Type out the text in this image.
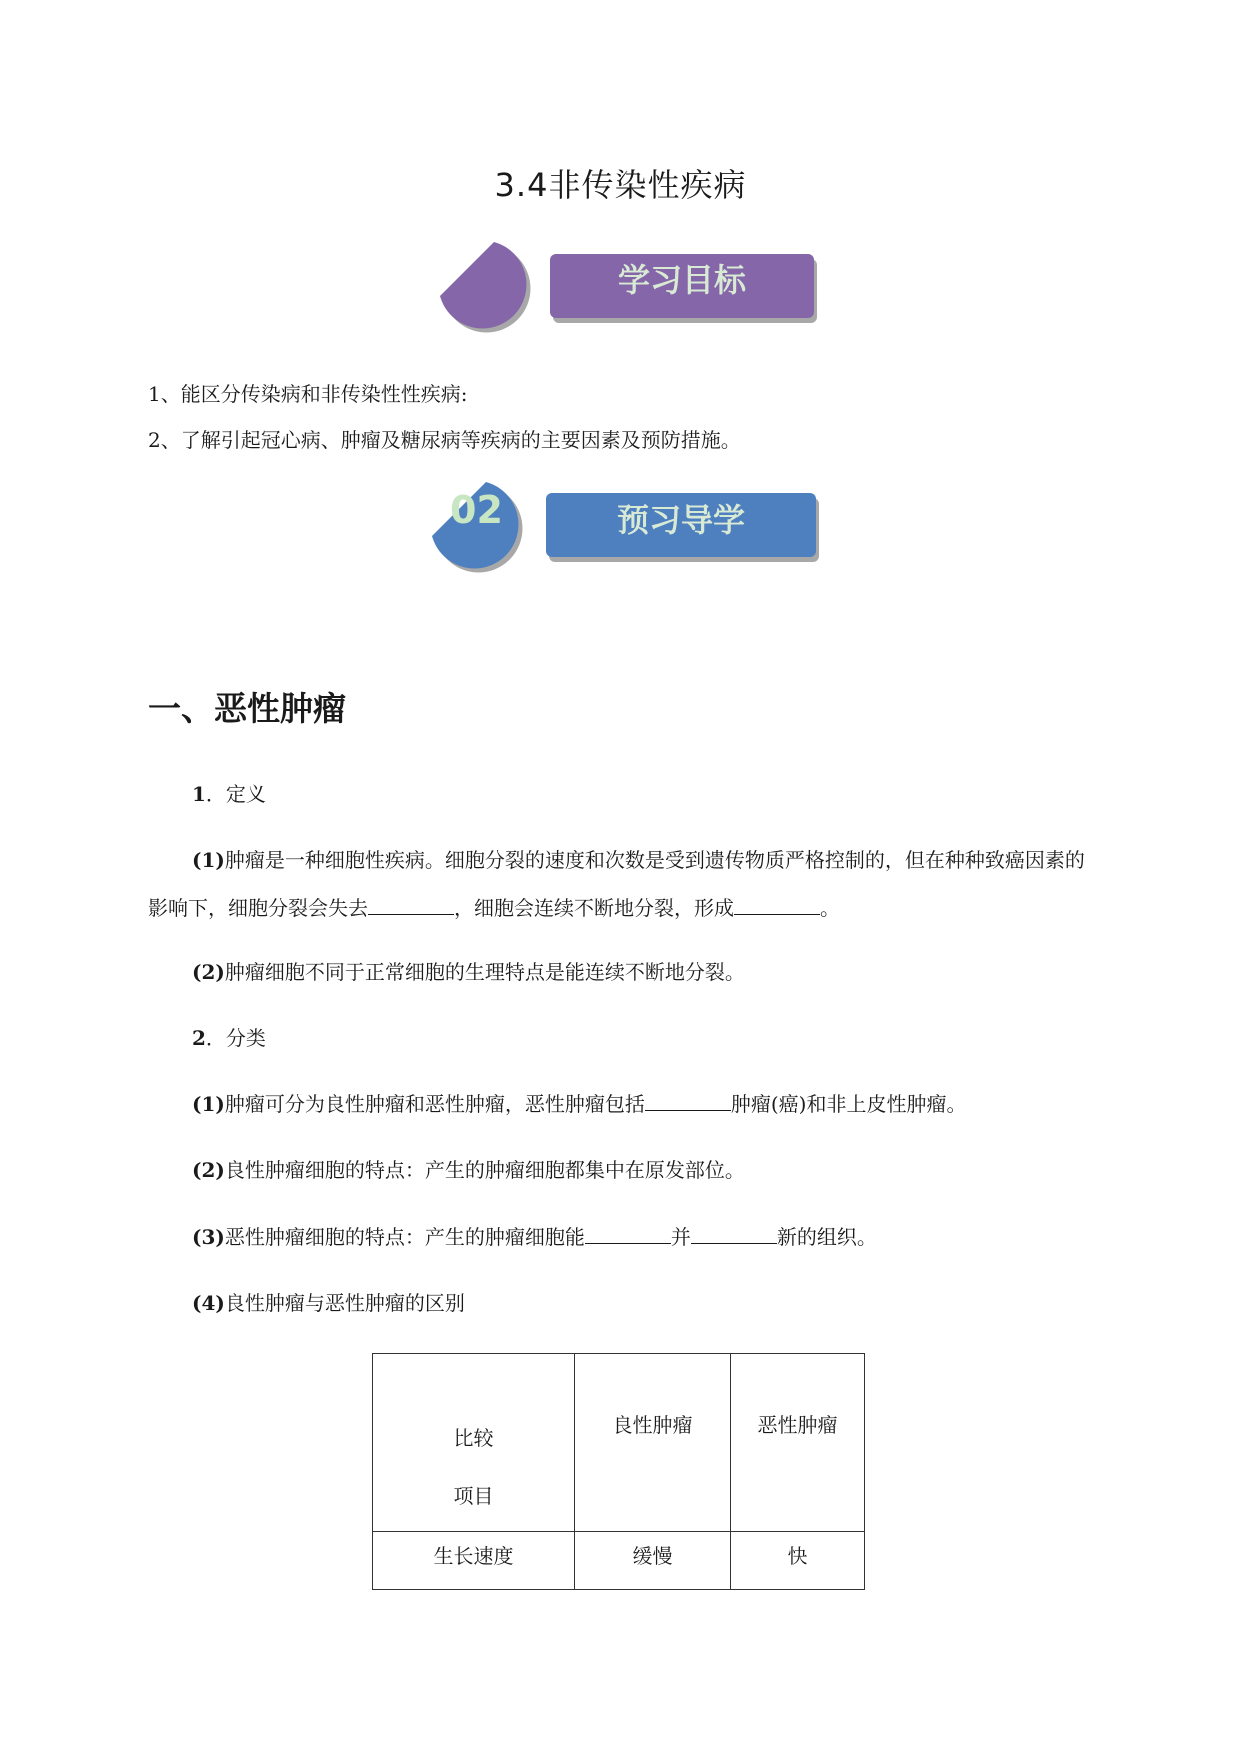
3.4非传染性疾病
学习目标
1、能区分传染病和非传染性性疾病:
2、了解引起冠心病、肿瘤及糖尿病等疾病的主要因素及预防措施。
02	预习导学
一、恶性肿瘤
1．定义
(1)肿瘤是一种细胞性疾病。细胞分裂的速度和次数是受到遗传物质严格控制的，但在种种致癌因素的影响下，细胞分裂会失去	，细胞会连续不断地分裂，形成	。
(2)肿瘤细胞不同于正常细胞的生理特点是能连续不断地分裂。
2．分类
(1)肿瘤可分为良性肿瘤和恶性肿瘤，恶性肿瘤包括	肿瘤(癌)和非上皮性肿瘤。
(2)良性肿瘤细胞的特点：产生的肿瘤细胞都集中在原发部位。
(3)恶性肿瘤细胞的特点：产生的肿瘤细胞能	并	新的组织。
(4)良性肿瘤与恶性肿瘤的区别
比较
项目	良性肿瘤	恶性肿瘤
生长速度	缓慢	快
